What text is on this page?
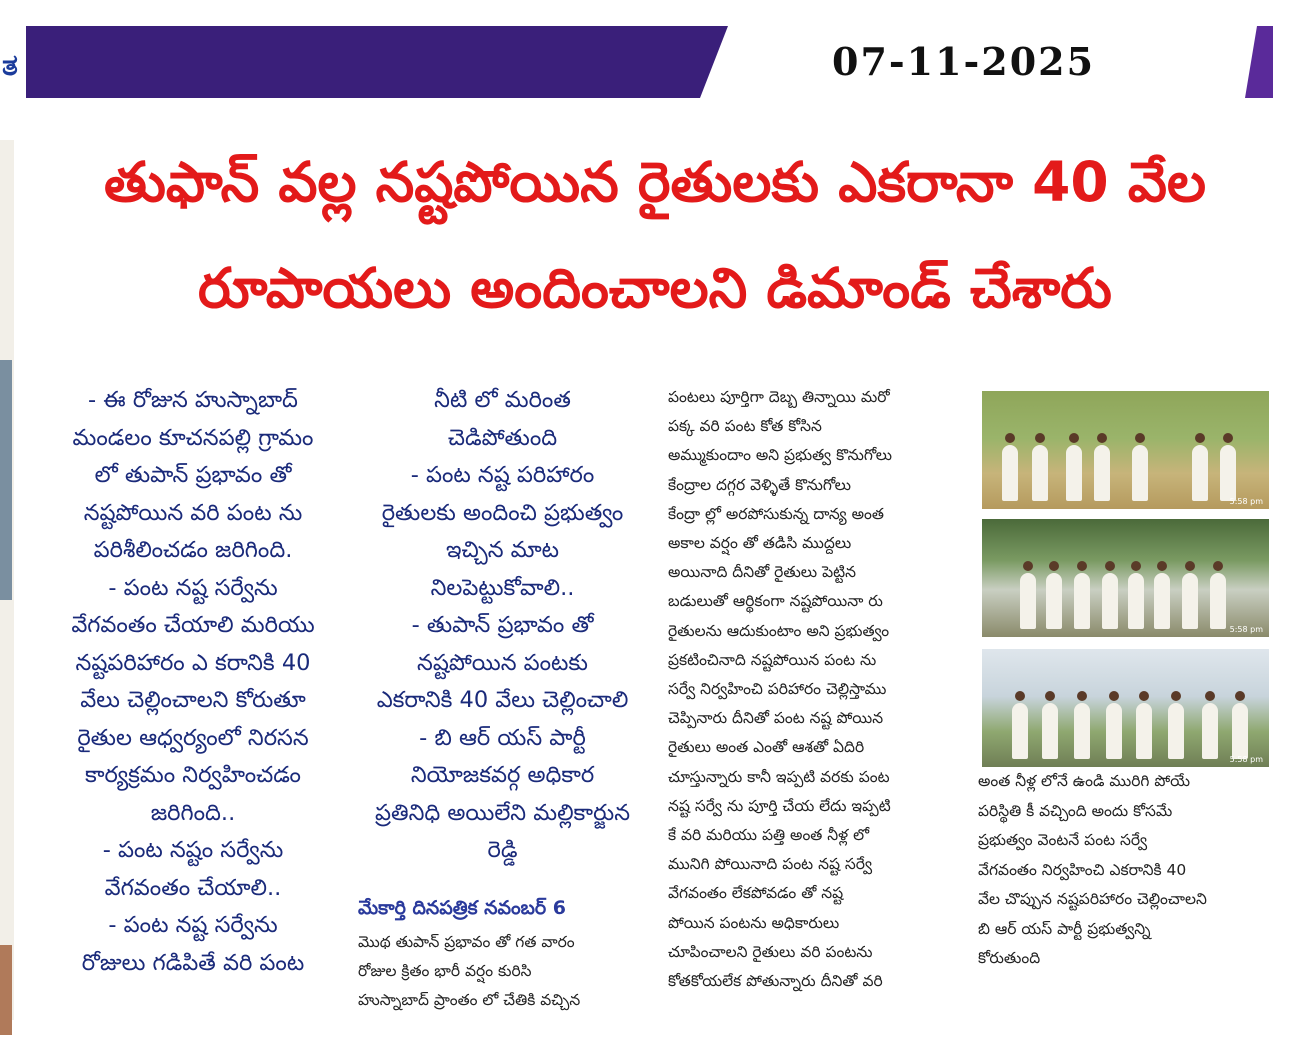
ತ	07-11-2025
తుఫాన్ వల్ల నష్టపోయిన రైతులకు ఎకరానా 40 వేల
రూపాయలు అందించాలని డిమాండ్ చేశారు

- ఈ రోజున హుస్నాబాద్

మండలం కూచనపల్లి గ్రామం

లో తుపాన్ ప్రభావం తో

నష్టపోయిన వరి పంట ను

పరిశీలించడం జరిగింది.

- పంట నష్ట సర్వేను

వేగవంతం చేయాలి మరియు

నష్టపరిహారం ఎ కరానికి 40

వేలు చెల్లించాలని కోరుతూ

రైతుల ఆధ్వర్యంలో నిరసన

కార్యక్రమం నిర్వహించడం

జరిగింది..

- పంట నష్టం సర్వేను

వేగవంతం చేయాలి..

- పంట నష్ట సర్వేను

రోజులు గడిపితే వరి పంట

నీటి లో మరింత

చెడిపోతుంది

- పంట నష్ట పరిహారం

రైతులకు అందించి ప్రభుత్వం

ఇచ్చిన మాట

నిలపెట్టుకోవాలి..

- తుపాన్ ప్రభావం తో

నష్టపోయిన పంటకు

ఎకరానికి 40 వేలు చెల్లించాలి

- బి ఆర్ యస్ పార్టీ

నియోజకవర్గ అధికార

ప్రతినిధి అయిలేని మల్లికార్జున

రెడ్డి

మేకార్తి దినపత్రిక నవంబర్ 6

మొథ తుపాన్ ప్రభావం తో గత వారం

రోజుల క్రితం భారీ వర్షం కురిసి

హుస్నాబాద్ ప్రాంతం లో చేతికి వచ్చిన

పంటలు పూర్తిగా దెబ్బ తిన్నాయి మరో

పక్క వరి పంట కోత కోసిన

అమ్ముకుందాం అని ప్రభుత్వ కొనుగోలు

కేంద్రాల దగ్గర వెళ్ళితే కొనుగోలు

కేంద్రా ల్లో అరపోసుకున్న దాన్య అంత

అకాల వర్షం తో తడిసి ముద్దలు

అయినాది దీనితో రైతులు పెట్టిన

బడులుతో ఆర్థికంగా నష్టపోయినా రు

రైతులను ఆదుకుంటాం అని ప్రభుత్వం

ప్రకటించినాది నష్టపోయిన పంట ను

సర్వే నిర్వహించి పరిహారం చెల్లిస్తాము

చెప్పినారు దీనితో పంట నష్ట పోయిన

రైతులు అంత ఎంతో ఆశతో ఏదిరి

చూస్తున్నారు కానీ ఇప్పటి వరకు పంట

నష్ట సర్వే ను పూర్తి చేయ లేదు ఇప్పటి

కే వరి మరియు పత్తి అంత నీళ్ల లో

మునిగి పోయినాది పంట నష్ట సర్వే

వేగవంతం లేకపోవడం తో నష్ట

పోయిన పంటను అధికారులు

చూపించాలని రైతులు వరి పంటను

కోతకోయలేక పోతున్నారు దీనితో వరి

5:58 pm
5:58 pm
5:58 pm

అంత నీళ్ల లోనే ఉండి మురిగి పోయే

పరిస్థితి కీ వచ్చింది అందు కోసమే

ప్రభుత్వం వెంటనే పంట సర్వే

వేగవంతం నిర్వహించి ఎకరానికి 40

వేల చొప్పున నష్టపరిహారం చెల్లించాలని

బి ఆర్ యస్ పార్టీ ప్రభుత్వన్ని

కోరుతుంది
